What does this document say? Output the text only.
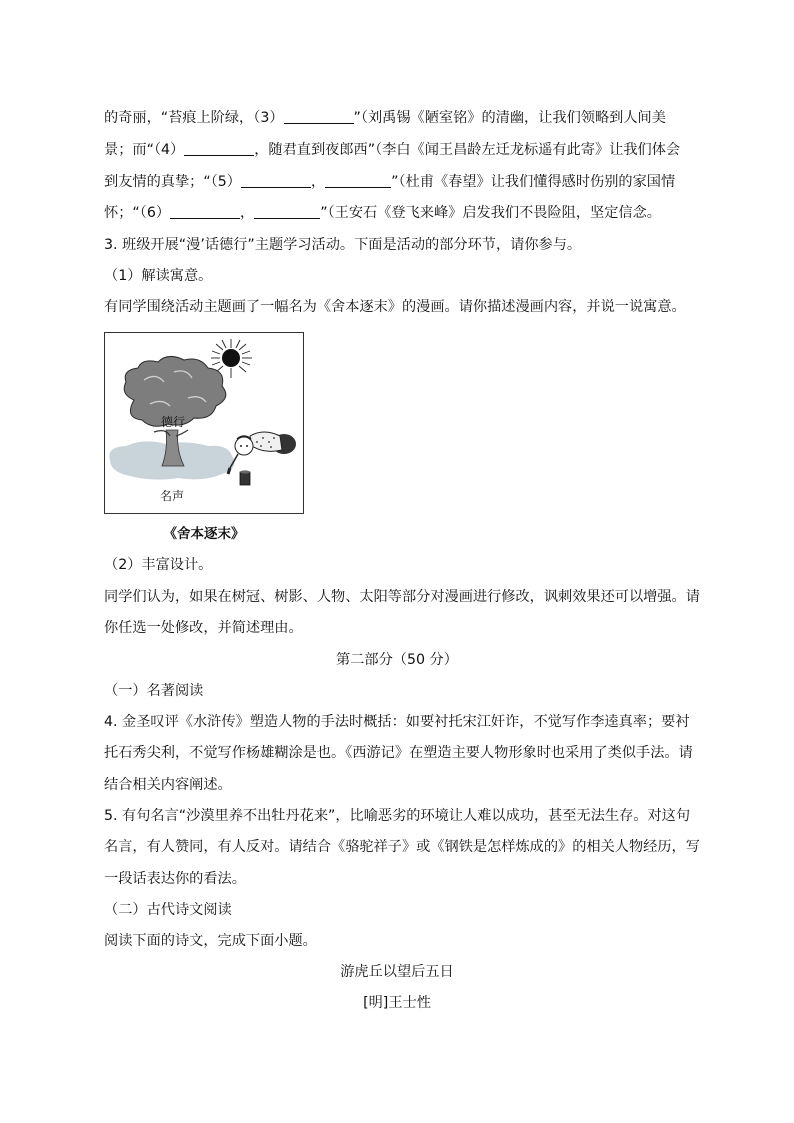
的奇丽，“苔痕上阶绿，（3）	”（刘禹锡《陋室铭》的清幽，让我们领略到人间美
景；而“（4）	，随君直到夜郎西”（李白《闻王昌龄左迁龙标遥有此寄》让我们体会
到友情的真挚；“（5）	，	”（杜甫《春望》让我们懂得感时伤别的家国情
怀；“（6）	，	”（王安石《登飞来峰》启发我们不畏险阻，坚定信念。
3. 班级开展“漫’话德行”主题学习活动。下面是活动的部分环节，请你参与。
（1）解读寓意。
有同学围绕活动主题画了一幅名为《舍本逐末》的漫画。请你描述漫画内容，并说一说寓意。
德行
名声
《舍本逐末》
（2）丰富设计。
同学们认为，如果在树冠、树影、人物、太阳等部分对漫画进行修改，讽刺效果还可以增强。请
你任选一处修改，并简述理由。
第二部分（50 分）
（一）名著阅读
4. 金圣叹评《水浒传》塑造人物的手法时概括：如要衬托宋江奸诈，不觉写作李逵真率；要衬
托石秀尖利，不觉写作杨雄糊涂是也。《西游记》在塑造主要人物形象时也采用了类似手法。请
结合相关内容阐述。
5. 有句名言“沙漠里养不出牡丹花来”，比喻恶劣的环境让人难以成功，甚至无法生存。对这句
名言，有人赞同，有人反对。请结合《骆驼祥子》或《钢铁是怎样炼成的》的相关人物经历，写
一段话表达你的看法。
（二）古代诗文阅读
阅读下面的诗文，完成下面小题。
游虎丘以望后五日
[明]王士性
